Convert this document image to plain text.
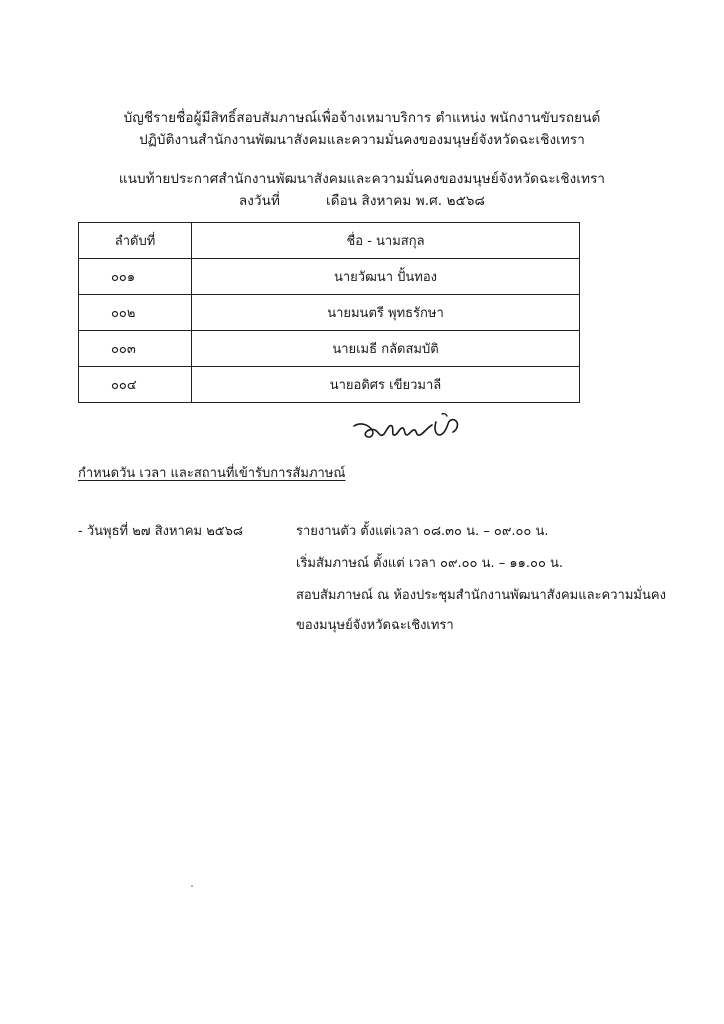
บัญชีรายชื่อผู้มีสิทธิ์สอบสัมภาษณ์เพื่อจ้างเหมาบริการ ตำแหน่ง พนักงานขับรถยนต์
ปฏิบัติงานสำนักงานพัฒนาสังคมและความมั่นคงของมนุษย์จังหวัดฉะเชิงเทรา
แนบท้ายประกาศสำนักงานพัฒนาสังคมและความมั่นคงของมนุษย์จังหวัดฉะเชิงเทรา
ลงวันที่	เดือน สิงหาคม พ.ศ. ๒๕๖๘
ลำดับที่	ชื่อ - นามสกุล
๐๐๑	นายวัฒนา ปั้นทอง
๐๐๒	นายมนตรี พุทธรักษา
๐๐๓	นายเมธี กลัดสมบัติ
๐๐๔	นายอดิศร เขียวมาลี
กำหนดวัน เวลา และสถานที่เข้ารับการสัมภาษณ์
- วันพุธที่ ๒๗ สิงหาคม ๒๕๖๘	รายงานตัว ตั้งแต่เวลา ๐๘.๓๐ น. – ๐๙.๐๐ น.
เริ่มสัมภาษณ์ ตั้งแต่ เวลา ๐๙.๐๐ น. – ๑๑.๐๐ น.
สอบสัมภาษณ์ ณ ห้องประชุมสำนักงานพัฒนาสังคมและความมั่นคง
ของมนุษย์จังหวัดฉะเชิงเทรา
